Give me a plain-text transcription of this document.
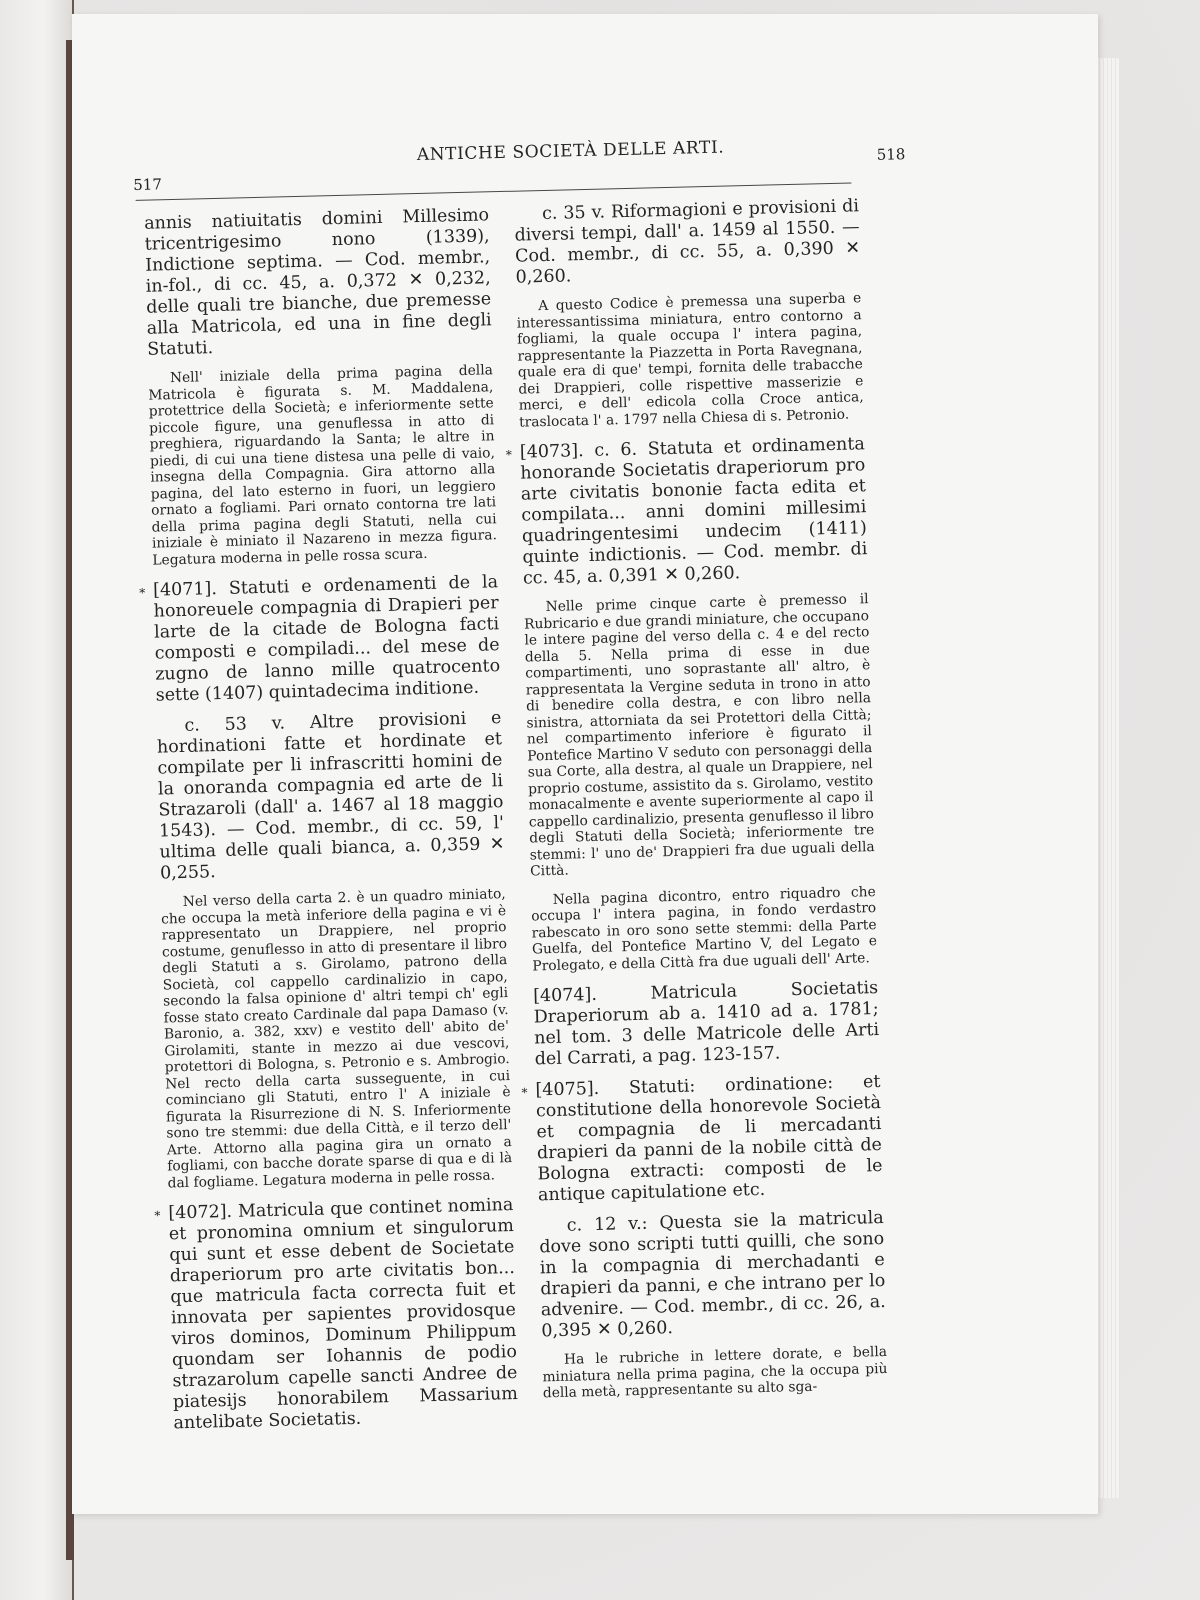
517
ANTICHE SOCIETÀ DELLE ARTI.	518

annis natiuitatis domini Millesimo tricentrigesimo nono (1339), Indictione septima. — Cod. membr., in-fol., di cc. 45, a. 0,372 ✕ 0,232, delle quali tre bianche, due premesse alla Matricola, ed una in fine degli Statuti.

Nell' iniziale della prima pagina della Matricola è figurata s. M. Maddalena, protettrice della Società; e inferiormente sette piccole figure, una genuflessa in atto di preghiera, riguardando la Santa; le altre in piedi, di cui una tiene distesa una pelle di vaio, insegna della Compagnia. Gira attorno alla pagina, del lato esterno in fuori, un leggiero ornato a fogliami. Pari ornato contorna tre lati della prima pagina degli Statuti, nella cui iniziale è miniato il Nazareno in mezza figura. Legatura moderna in pelle rossa scura.

* [4071]. Statuti e ordenamenti de la honoreuele compagnia di Drapieri per larte de la citade de Bologna facti composti e compiladi... del mese de zugno de lanno mille quatrocento sette (1407) quintadecima inditione.

c. 53 v. Altre provisioni e hordinationi fatte et hordinate et compilate per li infrascritti homini de la onoranda compagnia ed arte de li Strazaroli (dall' a. 1467 al 18 maggio 1543). — Cod. membr., di cc. 59, l' ultima delle quali bianca, a. 0,359 ✕ 0,255.

Nel verso della carta 2. è un quadro miniato, che occupa la metà inferiore della pagina e vi è rappresentato un Drappiere, nel proprio costume, genuflesso in atto di presentare il libro degli Statuti a s. Girolamo, patrono della Società, col cappello cardinalizio in capo, secondo la falsa opinione d' altri tempi ch' egli fosse stato creato Cardinale dal papa Damaso (v. Baronio, a. 382, xxv) e vestito dell' abito de' Girolamiti, stante in mezzo ai due vescovi, protettori di Bologna, s. Petronio e s. Ambrogio. Nel recto della carta susseguente, in cui cominciano gli Statuti, entro l' A iniziale è figurata la Risurrezione di N. S. Inferiormente sono tre stemmi: due della Città, e il terzo dell' Arte. Attorno alla pagina gira un ornato a fogliami, con bacche dorate sparse di qua e di là dal fogliame. Legatura moderna in pelle rossa.

* [4072]. Matricula que continet nomina et pronomina omnium et singulorum qui sunt et esse debent de Societate draperiorum pro arte civitatis bon... que matricula facta correcta fuit et innovata per sapientes providosque viros dominos, Dominum Philippum quondam ser Iohannis de podio strazarolum capelle sancti Andree de piatesijs honorabilem Massarium antelibate Societatis.

c. 35 v. Riformagioni e provisioni di diversi tempi, dall' a. 1459 al 1550. — Cod. membr., di cc. 55, a. 0,390 ✕ 0,260.

A questo Codice è premessa una superba e interessantissima miniatura, entro contorno a fogliami, la quale occupa l' intera pagina, rappresentante la Piazzetta in Porta Ravegnana, quale era di que' tempi, fornita delle trabacche dei Drappieri, colle rispettive masserizie e merci, e dell' edicola colla Croce antica, traslocata l' a. 1797 nella Chiesa di s. Petronio.

* [4073]. c. 6. Statuta et ordinamenta honorande Societatis draperiorum pro arte civitatis bononie facta edita et compilata... anni domini millesimi quadringentesimi undecim (1411) quinte indictionis. — Cod. membr. di cc. 45, a. 0,391 ✕ 0,260.

Nelle prime cinque carte è premesso il Rubricario e due grandi miniature, che occupano le intere pagine del verso della c. 4 e del recto della 5. Nella prima di esse in due compartimenti, uno soprastante all' altro, è rappresentata la Vergine seduta in trono in atto di benedire colla destra, e con libro nella sinistra, attorniata da sei Protettori della Città; nel compartimento inferiore è figurato il Pontefice Martino V seduto con personaggi della sua Corte, alla destra, al quale un Drappiere, nel proprio costume, assistito da s. Girolamo, vestito monacalmente e avente superiormente al capo il cappello cardinalizio, presenta genuflesso il libro degli Statuti della Società; inferiormente tre stemmi: l' uno de' Drappieri fra due uguali della Città.

Nella pagina dicontro, entro riquadro che occupa l' intera pagina, in fondo verdastro rabescato in oro sono sette stemmi: della Parte Guelfa, del Pontefice Martino V, del Legato e Prolegato, e della Città fra due uguali dell' Arte.

[4074]. Matricula Societatis Draperiorum ab a. 1410 ad a. 1781; nel tom. 3 delle Matricole delle Arti del Carrati, a pag. 123-157.

* [4075]. Statuti: ordinatione: et constitutione della honorevole Società et compagnia de li mercadanti drapieri da panni de la nobile città de Bologna extracti: composti de le antique capitulatione etc.

c. 12 v.: Questa sie la matricula dove sono scripti tutti quilli, che sono in la compagnia di merchadanti e drapieri da panni, e che intrano per lo advenire. — Cod. membr., di cc. 26, a. 0,395 ✕ 0,260.

Ha le rubriche in lettere dorate, e bella miniatura nella prima pagina, che la occupa più della metà, rappresentante su alto sga-
